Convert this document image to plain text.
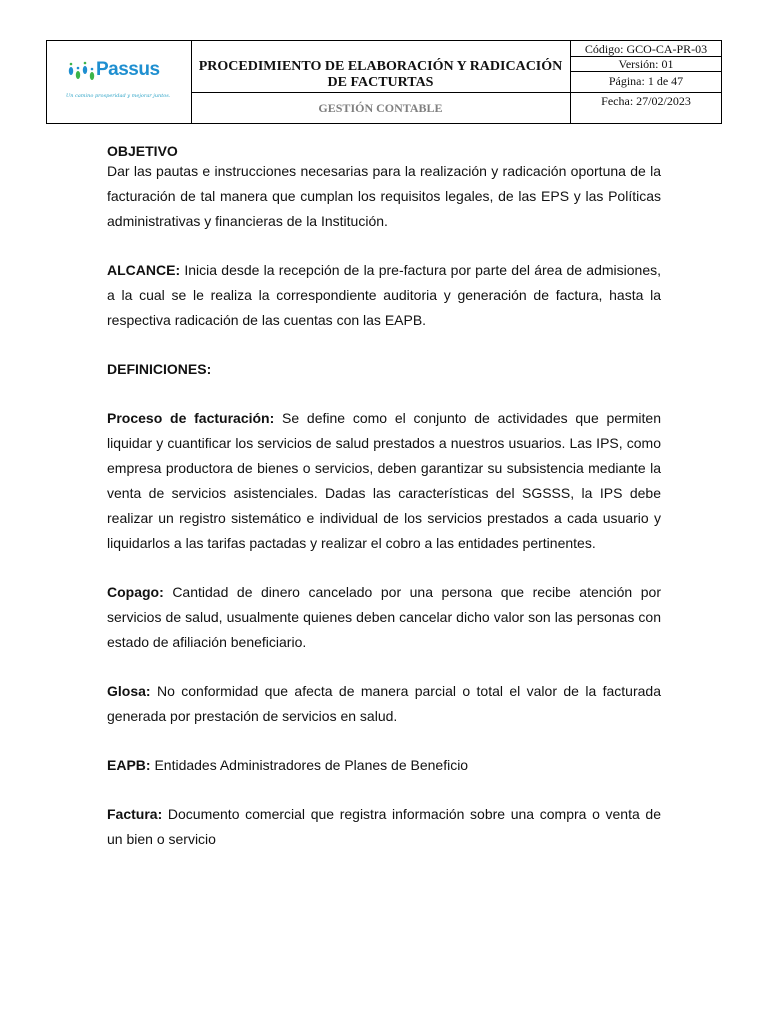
Passus
Un camino prosperidad y mejorar juntos.
PROCEDIMIENTO DE ELABORACIÓN Y RADICACIÓN DE FACTURTAS
GESTIÓN CONTABLE
Código: GCO-CA-PR-03
Versión: 01
Página: 1 de 47
Fecha: 27/02/2023

OBJETIVO

Dar las pautas e instrucciones necesarias para la realización y radicación oportuna de la facturación de tal manera que cumplan los requisitos legales, de las EPS y las Políticas administrativas y financieras de la Institución.

ALCANCE: Inicia desde la recepción de la pre-factura por parte del área de admisiones, a la cual se le realiza la correspondiente auditoria y generación de factura, hasta la respectiva radicación de las cuentas con las EAPB.

DEFINICIONES:

Proceso de facturación: Se define como el conjunto de actividades que permiten liquidar y cuantificar los servicios de salud prestados a nuestros usuarios. Las IPS, como empresa productora de bienes o servicios, deben garantizar su subsistencia mediante la venta de servicios asistenciales. Dadas las características del SGSSS, la IPS debe realizar un registro sistemático e individual de los servicios prestados a cada usuario y liquidarlos a las tarifas pactadas y realizar el cobro a las entidades pertinentes.

Copago: Cantidad de dinero cancelado por una persona que recibe atención por servicios de salud, usualmente quienes deben cancelar dicho valor son las personas con estado de afiliación beneficiario.

Glosa: No conformidad que afecta de manera parcial o total el valor de la facturada generada por prestación de servicios en salud.

EAPB: Entidades Administradores de Planes de Beneficio

Factura: Documento comercial que registra información sobre una compra o venta de un bien o servicio
